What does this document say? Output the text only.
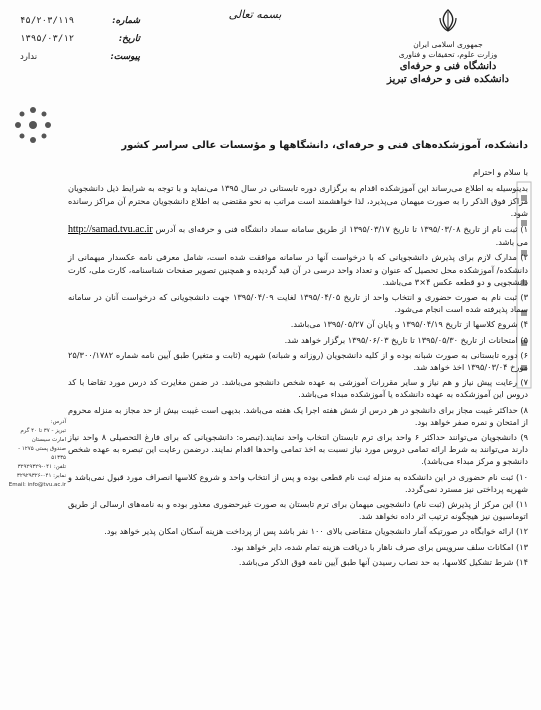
جمهوری اسلامی ایران
وزارت علوم، تحقیقات و فناوری
دانشگاه فنی و حرفه‌ای
دانشکده فنی و حرفه‌ای تبریز
بسمه تعالی
شماره:
۴۵/۲۰۳/۱۱۹
تاریخ:
۱۳۹۵/۰۳/۱۲
پیوست:
ندارد
آدرس:
تبریز - ۳۷ تا ۴۰ گرم امارت سیستان
صندوق پستی ۱۲۷۵ - ۵۱۳۳۵
تلفن: ۰۴۱-۳۲۹۲۹۳۲۹
نمابر: ۰۴۱-۳۲۹۲۹۳۲۶
Email: info@tvu.ac.ir
دانشکده، آموزشکده‌های فنی و حرفه‌ای، دانشگاهها و مؤسسات عالی سراسر کشور
با سلام و احترام
بدینوسیله به اطلاع می‌رساند این آموزشکده اقدام به برگزاری دوره تابستانی در سال ۱۳۹۵ می‌نماید و با توجه به شرایط ذیل دانشجویان مراکز فوق الذکر را به صورت میهمان می‌پذیرد، لذا خواهشمند است مراتب به نحو مقتضی به اطلاع دانشجویان محترم آن مراکز رسانده شود.
۱) ثبت نام از تاریخ ۱۳۹۵/۰۳/۰۸ تا تاریخ ۱۳۹۵/۰۳/۱۷ از طریق سامانه سماد دانشگاه فنی و حرفه‌ای به آدرس http://samad.tvu.ac.ir می باشد.
۲) مدارک لازم برای پذیرش دانشجویانی که با درخواست آنها در سامانه موافقت شده است، شامل معرفی نامه عکسدار میهمانی از دانشکده/ آموزشکده محل تحصیل که عنوان و تعداد واحد درسی در آن قید گردیده و همچنین تصویر صفحات شناسنامه، کارت ملی، کارت دانشجویی و دو قطعه عکس ۴×۳ می‌باشد.
۳) ثبت نام به صورت حضوری و انتخاب واحد از تاریخ ۱۳۹۵/۰۴/۰۵ لغایت ۱۳۹۵/۰۴/۰۹ جهت دانشجویانی که درخواست آنان در سامانه سماد پذیرفته شده است انجام می‌شود.
۴) شروع کلاسها از تاریخ ۱۳۹۵/۰۴/۱۹ و پایان آن ۱۳۹۵/۰۵/۲۷ می‌باشد.
۵) امتحانات از تاریخ ۱۳۹۵/۰۵/۳۰ تا تاریخ ۱۳۹۵/۰۶/۰۳ برگزار خواهد شد.
۶) دوره تابستانی به صورت شبانه بوده و از کلیه دانشجویان (روزانه و شبانه) شهریه (ثابت و متغیر) طبق آیین نامه شماره ۲۵/۳۰۰/۱۷۸۲ مورخ ۱۳۹۵/۰۳/۰۴ اخذ خواهد شد.
۷) رعایت پیش نیاز و هم نیاز و سایر مقررات آموزشی به عهده شخص دانشجو می‌باشد. در ضمن مغایرت کد درس مورد تقاضا با کد دروس این آموزشکده به عهده دانشکده یا آموزشکده مبداء می‌باشد.
۸) حداکثر غیبت مجاز برای دانشجو در هر درس از شش هفته اجرا یک هفته می‌باشد. بدیهی است غیبت بیش از حد مجاز به منزله محروم از امتحان و نمره صفر خواهد بود.
۹) دانشجویان می‌توانند حداکثر ۶ واحد برای ترم تابستان انتخاب واحد نمایند.(تبصره: دانشجویانی که برای فارغ التحصیلی ۸ واحد نیاز دارند می‌توانند به شرط ارائه تمامی دروس مورد نیاز نسبت به اخذ تمامی واحدها اقدام نمایند. درضمن رعایت این تبصره به عهده شخص دانشجو و مرکز مبداء می‌باشد).
۱۰) ثبت نام حضوری در این دانشکده به منزله ثبت نام قطعی بوده و پس از انتخاب واحد و شروع کلاسها انصراف مورد قبول نمی‌باشد و شهریه پرداختی نیز مسترد نمی‌گردد.
۱۱) این مرکز از پذیرش (ثبت نام) دانشجویی میهمان برای ترم تابستان به صورت غیرحضوری معذور بوده و به نامه‌های ارسالی از طریق اتوماسیون نیز هیچگونه ترتیب اثر داده نخواهد شد.
۱۲) ارائه خوابگاه در صورتیکه آمار دانشجویان متقاضی بالای ۱۰۰ نفر باشد پس از پرداخت هزینه آسکان امکان پذیر خواهد بود.
۱۳) امکانات سلف سرویس برای صرف ناهار با دریافت هزینه تمام شده، دایر خواهد بود.
۱۴) شرط تشکیل کلاسها، به حد نصاب رسیدن آنها طبق آیین نامه فوق الذکر می‌باشد.
